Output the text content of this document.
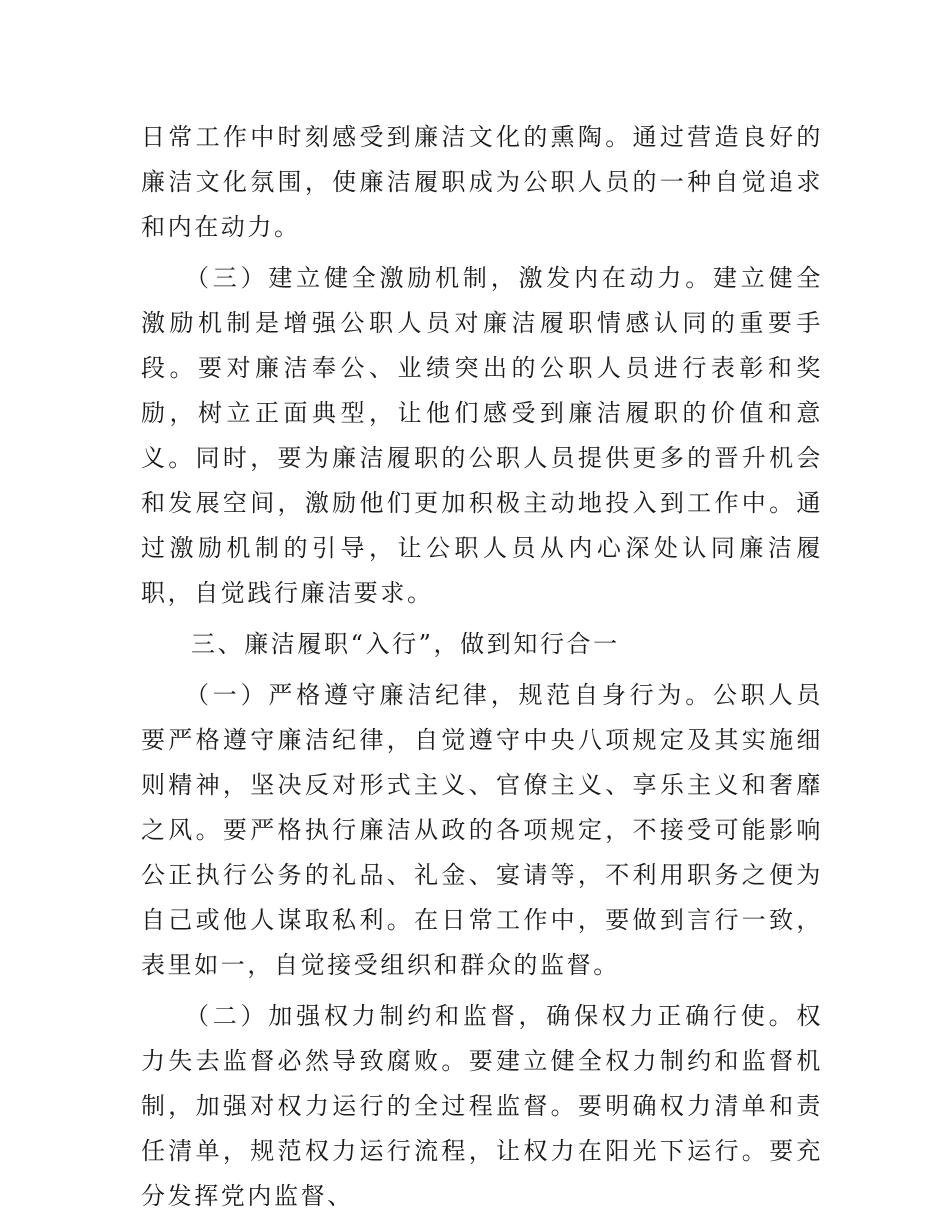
日常工作中时刻感受到廉洁文化的熏陶。通过营造良好的廉洁文化氛围，使廉洁履职成为公职人员的一种自觉追求和内在动力。

（三）建立健全激励机制，激发内在动力。建立健全激励机制是增强公职人员对廉洁履职情感认同的重要手段。要对廉洁奉公、业绩突出的公职人员进行表彰和奖励，树立正面典型，让他们感受到廉洁履职的价值和意义。同时，要为廉洁履职的公职人员提供更多的晋升机会和发展空间，激励他们更加积极主动地投入到工作中。通过激励机制的引导，让公职人员从内心深处认同廉洁履职，自觉践行廉洁要求。

三、廉洁履职“入行”，做到知行合一

（一）严格遵守廉洁纪律，规范自身行为。公职人员要严格遵守廉洁纪律，自觉遵守中央八项规定及其实施细则精神，坚决反对形式主义、官僚主义、享乐主义和奢靡之风。要严格执行廉洁从政的各项规定，不接受可能影响公正执行公务的礼品、礼金、宴请等，不利用职务之便为自己或他人谋取私利。在日常工作中，要做到言行一致，表里如一，自觉接受组织和群众的监督。

（二）加强权力制约和监督，确保权力正确行使。权力失去监督必然导致腐败。要建立健全权力制约和监督机制，加强对权力运行的全过程监督。要明确权力清单和责任清单，规范权力运行流程，让权力在阳光下运行。要充分发挥党内监督、
